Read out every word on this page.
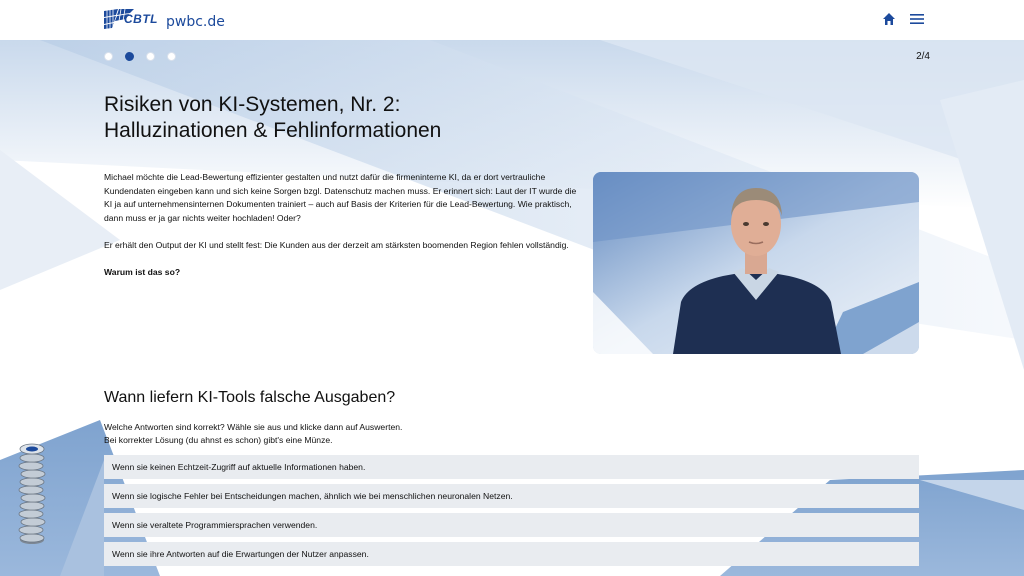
CBTL pwbc.de
2/4
Risiken von KI-Systemen, Nr. 2:
Halluzinationen & Fehlinformationen

Michael möchte die Lead-Bewertung effizienter gestalten und nutzt dafür die firmeninterne KI, da er dort vertrauliche Kundendaten eingeben kann und sich keine Sorgen bzgl. Datenschutz machen muss. Er erinnert sich: Laut der IT wurde die KI ja auf unternehmensinternen Dokumenten trainiert – auch auf Basis der Kriterien für die Lead-Bewertung. Wie praktisch, dann muss er ja gar nichts weiter hochladen! Oder?

Er erhält den Output der KI und stellt fest: Die Kunden aus der derzeit am stärksten boomenden Region fehlen vollständig.

Warum ist das so?

Wann liefern KI-Tools falsche Ausgaben?
Welche Antworten sind korrekt? Wähle sie aus und klicke dann auf Auswerten.
Bei korrekter Lösung (du ahnst es schon) gibt's eine Münze.
Wenn sie keinen Echtzeit-Zugriff auf aktuelle Informationen haben.
Wenn sie logische Fehler bei Entscheidungen machen, ähnlich wie bei menschlichen neuronalen Netzen.
Wenn sie veraltete Programmiersprachen verwenden.
Wenn sie ihre Antworten auf die Erwartungen der Nutzer anpassen.
